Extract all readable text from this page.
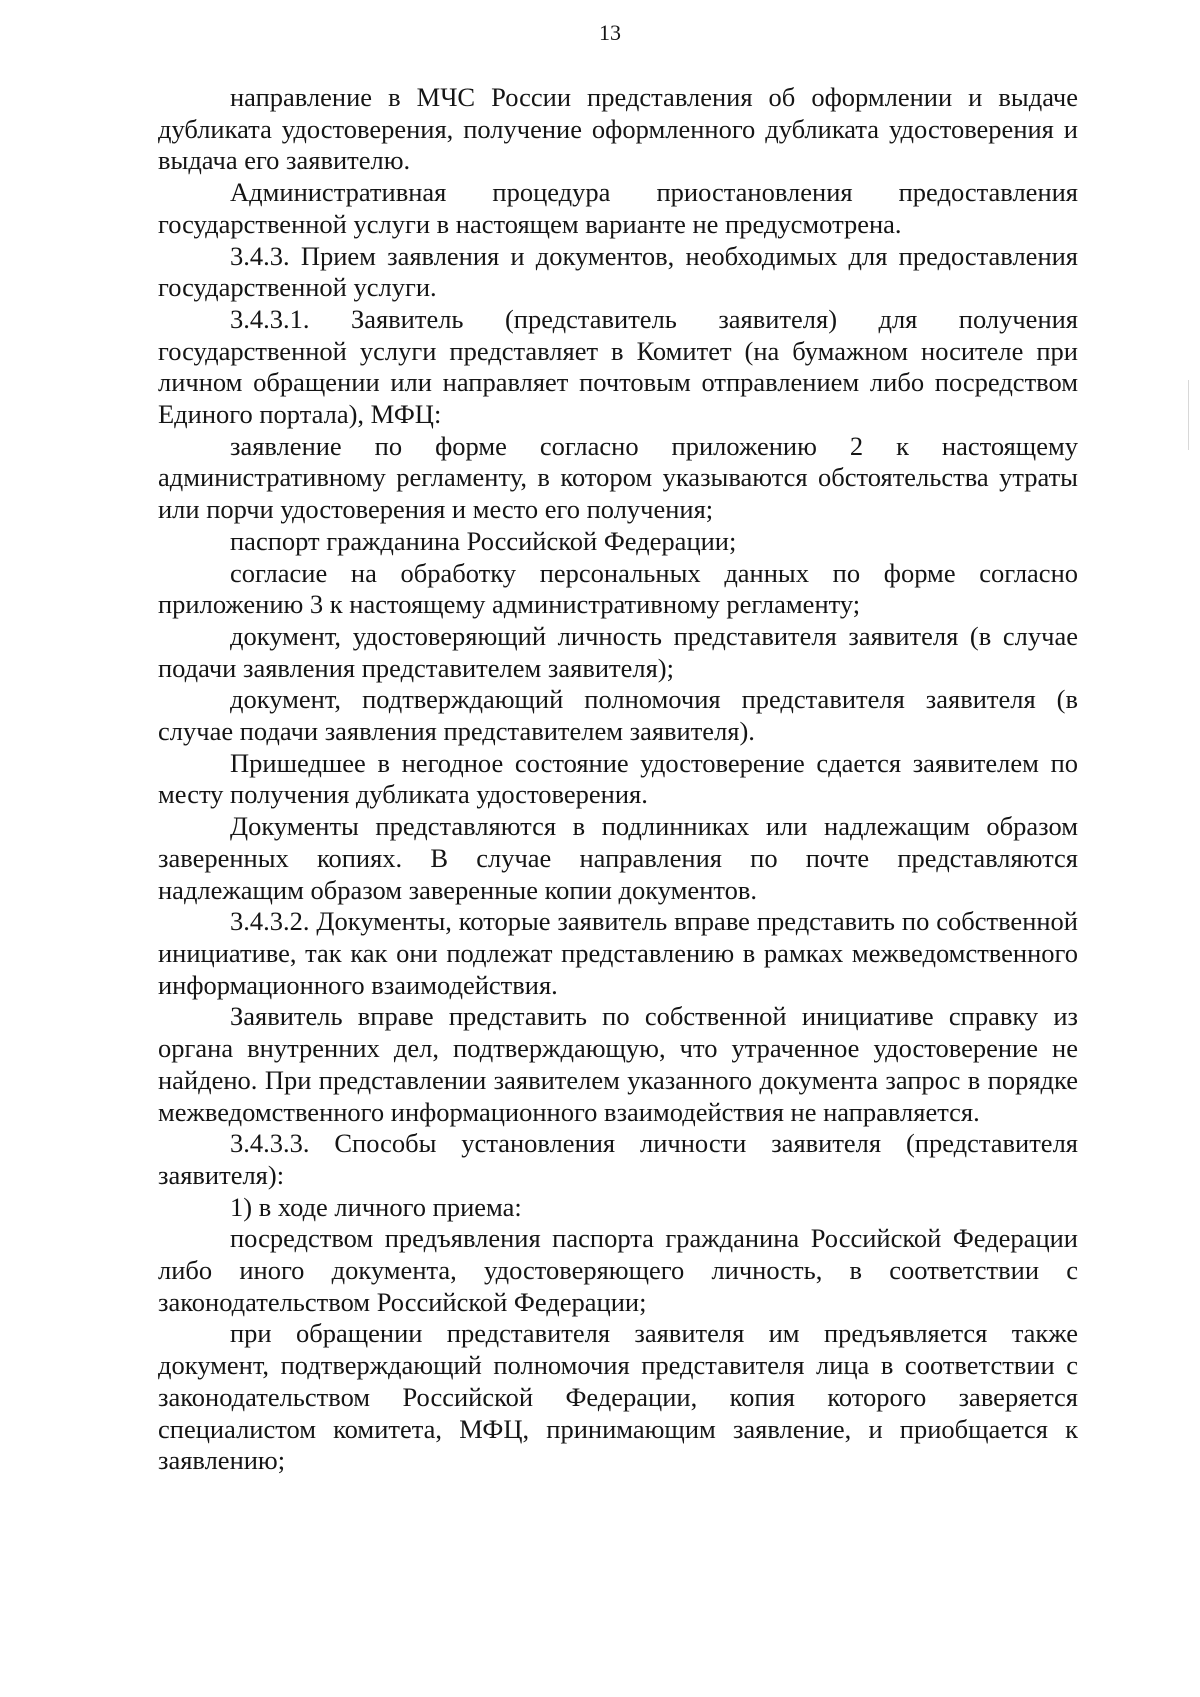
13

направление в МЧС России представления об оформлении и выдаче дубликата удостоверения, получение оформленного дубликата удостоверения и выдача его заявителю.

Административная процедура приостановления предоставления государственной услуги в настоящем варианте не предусмотрена.

3.4.3. Прием заявления и документов, необходимых для предоставления государственной услуги.

3.4.3.1. Заявитель (представитель заявителя) для получения государственной услуги представляет в Комитет (на бумажном носителе при личном обращении или направляет почтовым отправлением либо посредством Единого портала), МФЦ:

заявление по форме согласно приложению 2 к настоящему административному регламенту, в котором указываются обстоятельства утраты или порчи удостоверения и место его получения;

паспорт гражданина Российской Федерации;

согласие на обработку персональных данных по форме согласно приложению 3 к настоящему административному регламенту;

документ, удостоверяющий личность представителя заявителя (в случае подачи заявления представителем заявителя);

документ, подтверждающий полномочия представителя заявителя (в случае подачи заявления представителем заявителя).

Пришедшее в негодное состояние удостоверение сдается заявителем по месту получения дубликата удостоверения.

Документы представляются в подлинниках или надлежащим образом заверенных копиях. В случае направления по почте представляются надлежащим образом заверенные копии документов.

3.4.3.2. Документы, которые заявитель вправе представить по собственной инициативе, так как они подлежат представлению в рамках межведомственного информационного взаимодействия.

Заявитель вправе представить по собственной инициативе справку из органа внутренних дел, подтверждающую, что утраченное удостоверение не найдено. При представлении заявителем указанного документа запрос в порядке межведомственного информационного взаимодействия не направляется.

3.4.3.3. Способы установления личности заявителя (представителя заявителя):

1) в ходе личного приема:

посредством предъявления паспорта гражданина Российской Федерации либо иного документа, удостоверяющего личность, в соответствии с законодательством Российской Федерации;

при обращении представителя заявителя им предъявляется также документ, подтверждающий полномочия представителя лица в соответствии с законодательством Российской Федерации, копия которого заверяется специалистом комитета, МФЦ, принимающим заявление, и приобщается к заявлению;
